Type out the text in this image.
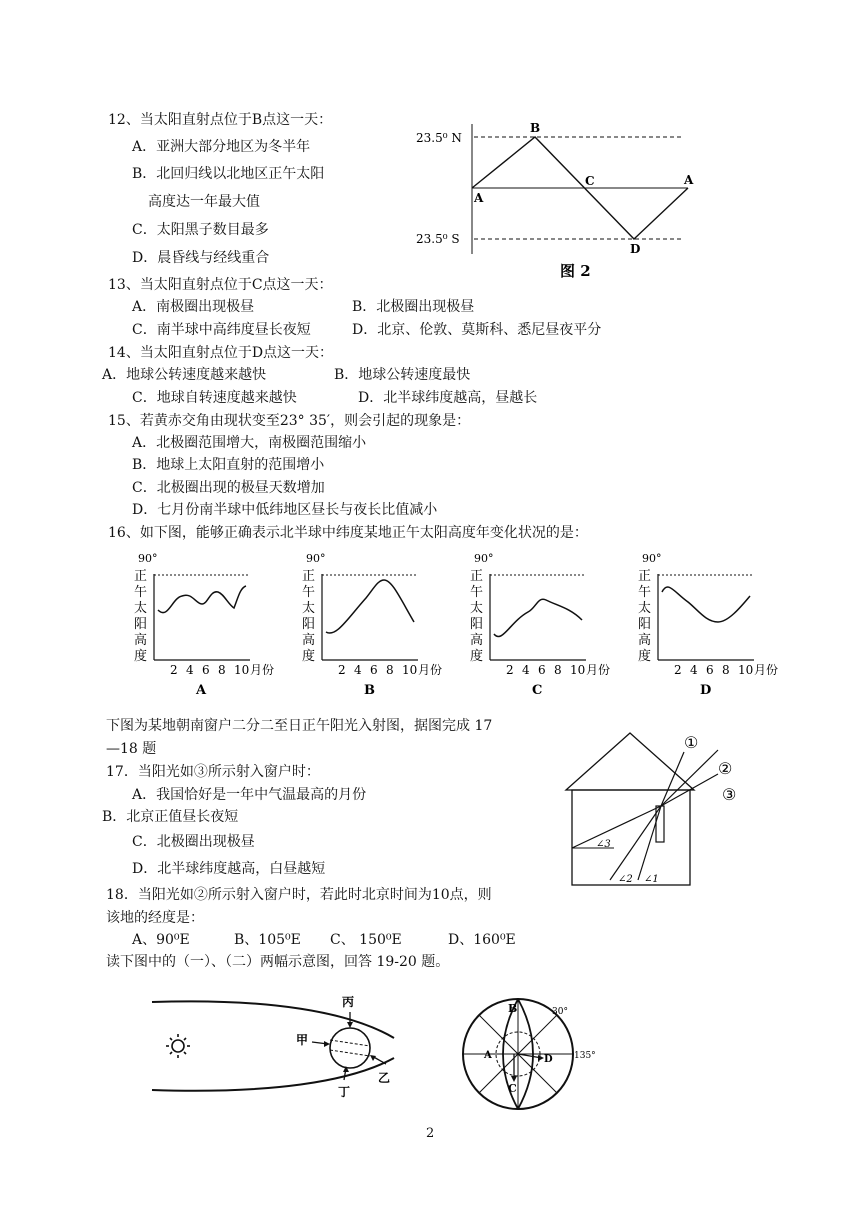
12、当太阳直射点位于B点这一天：
A．亚洲大部分地区为冬半年
B．北回归线以北地区正午太阳
高度达一年最大值
C．太阳黑子数目最多
D．晨昏线与经线重合
23.5⁰ N
23.5⁰ S
B
A
C	A
D
图 2
13、当太阳直射点位于C点这一天：
A．南极圈出现极昼	B．北极圈出现极昼
C．南半球中高纬度昼长夜短	D．北京、伦敦、莫斯科、悉尼昼夜平分
14、当太阳直射点位于D点这一天：
A．地球公转速度越来越快	B．地球公转速度最快
C．地球自转速度越来越快	D．北半球纬度越高，昼越长
15、若黄赤交角由现状变至23° 35′，则会引起的现象是：
A．北极圈范围增大，南极圈范围缩小
B．地球上太阳直射的范围增小
C．北极圈出现的极昼天数增加
D．七月份南半球中低纬地区昼长与夜长比值减小
16、如下图，能够正确表示北半球中纬度某地正午太阳高度年变化状况的是：
90°
正
午
太
阳
高
度
2 4 6 8 10 月份
A
90°
正
午
太
阳
高
度
2 4 6 8 10 月份
B
90°
正
午
太
阳
高
度
2 4 6 8 10 月份
C
90°
正
午
太
阳
高
度
2 4 6 8 10 月份
D
下图为某地朝南窗户二分二至日正午阳光入射图，据图完成 17
—18 题	①
②
③
∠3
∠2 ∠1
17．当阳光如③所示射入窗户时：
A．我国恰好是一年中气温最高的月份
B．北京正值昼长夜短
C．北极圈出现极昼
D．北半球纬度越高，白昼越短
18．当阳光如②所示射入窗户时，若此时北京时间为10点，则
该地的经度是：
A、90⁰E	B、105⁰E C、 150⁰E	D、160⁰E
读下图中的（一）、（二）两幅示意图，回答 19-20 题。
丙
甲
乙
丁
B
A
C
D
30°
135°
2
